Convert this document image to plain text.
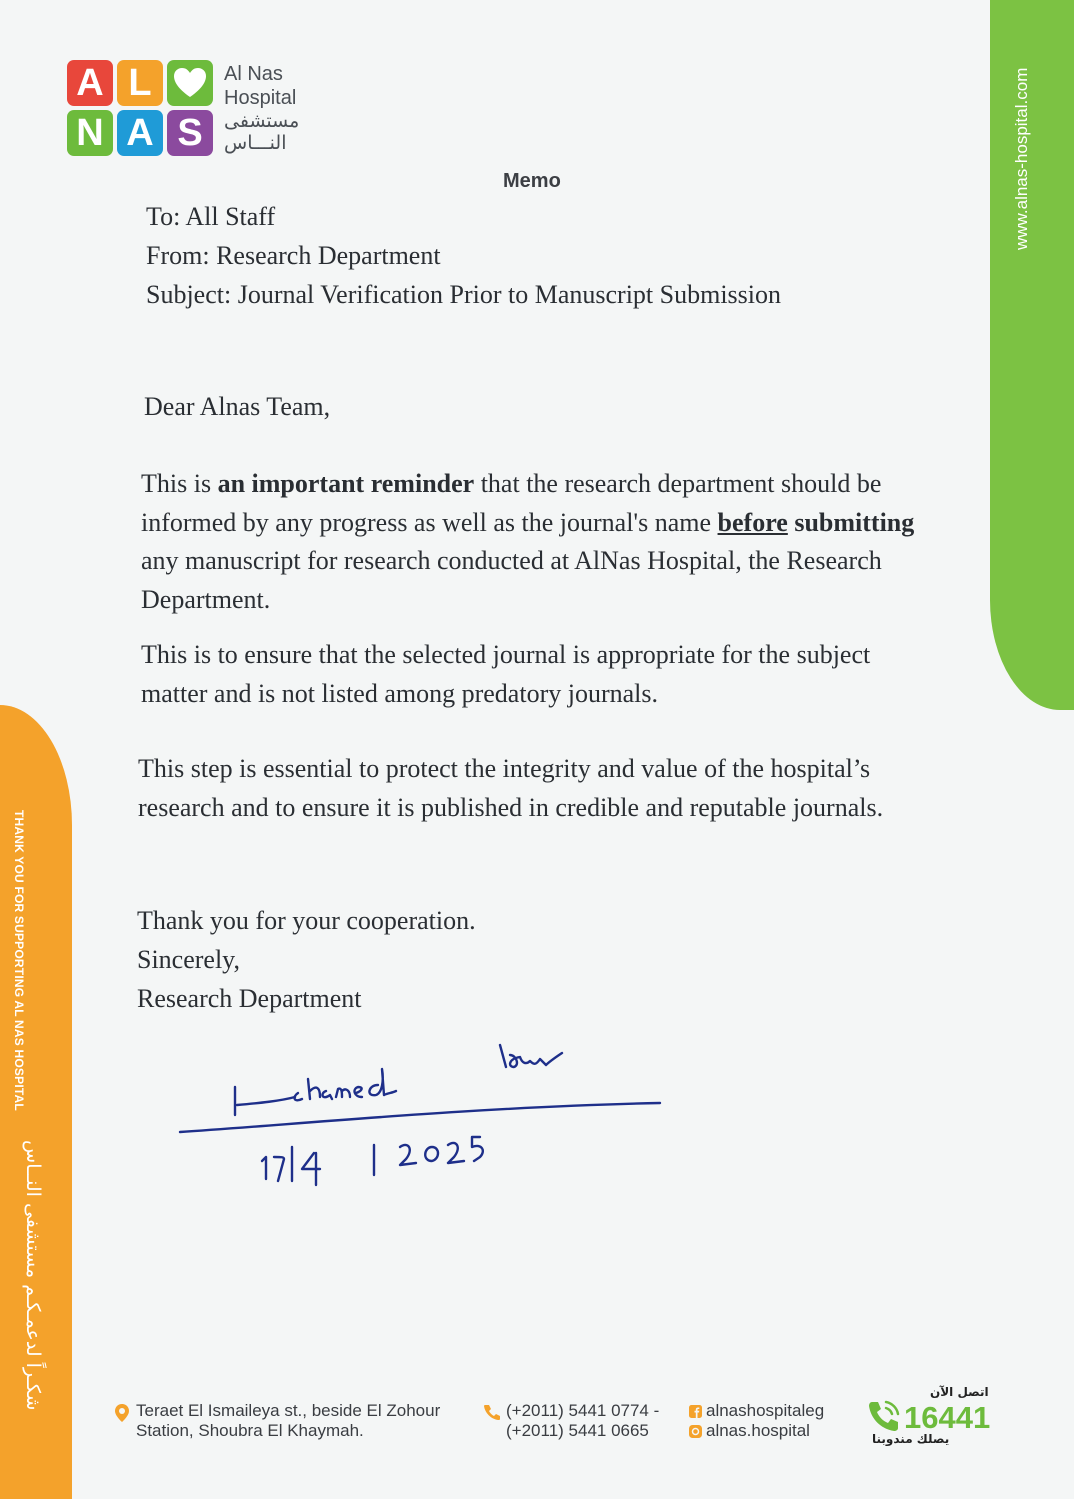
www.alnas-hospital.com
THANK YOU FOR SUPPORTING AL NAS HOSPITAL
شكـراً لدعمـكـم مستشفى النــاس
A L
N A S
Al Nas
Hospital
مستشفى
النـــاس
Memo
To: All Staff
From: Research Department
Subject: Journal Verification Prior to Manuscript Submission
Dear Alnas Team,
This is an important reminder that the research department should be informed by any progress as well as the journal's name before submitting any manuscript for research conducted at AlNas Hospital, the Research Department.
This is to ensure that the selected journal is appropriate for the subject matter and is not listed among predatory journals.
This step is essential to protect the integrity and value of the hospital’s research and to ensure it is published in credible and reputable journals.
Thank you for your cooperation.
Sincerely,
Research Department
Teraet El Ismaileya st., beside El Zohour
Station, Shoubra El Khaymah.
(+2011) 5441 0774 -
(+2011) 5441 0665
alnashospitaleg
alnas.hospital
اتصل الآن
16441
يصلك مندوبنا
